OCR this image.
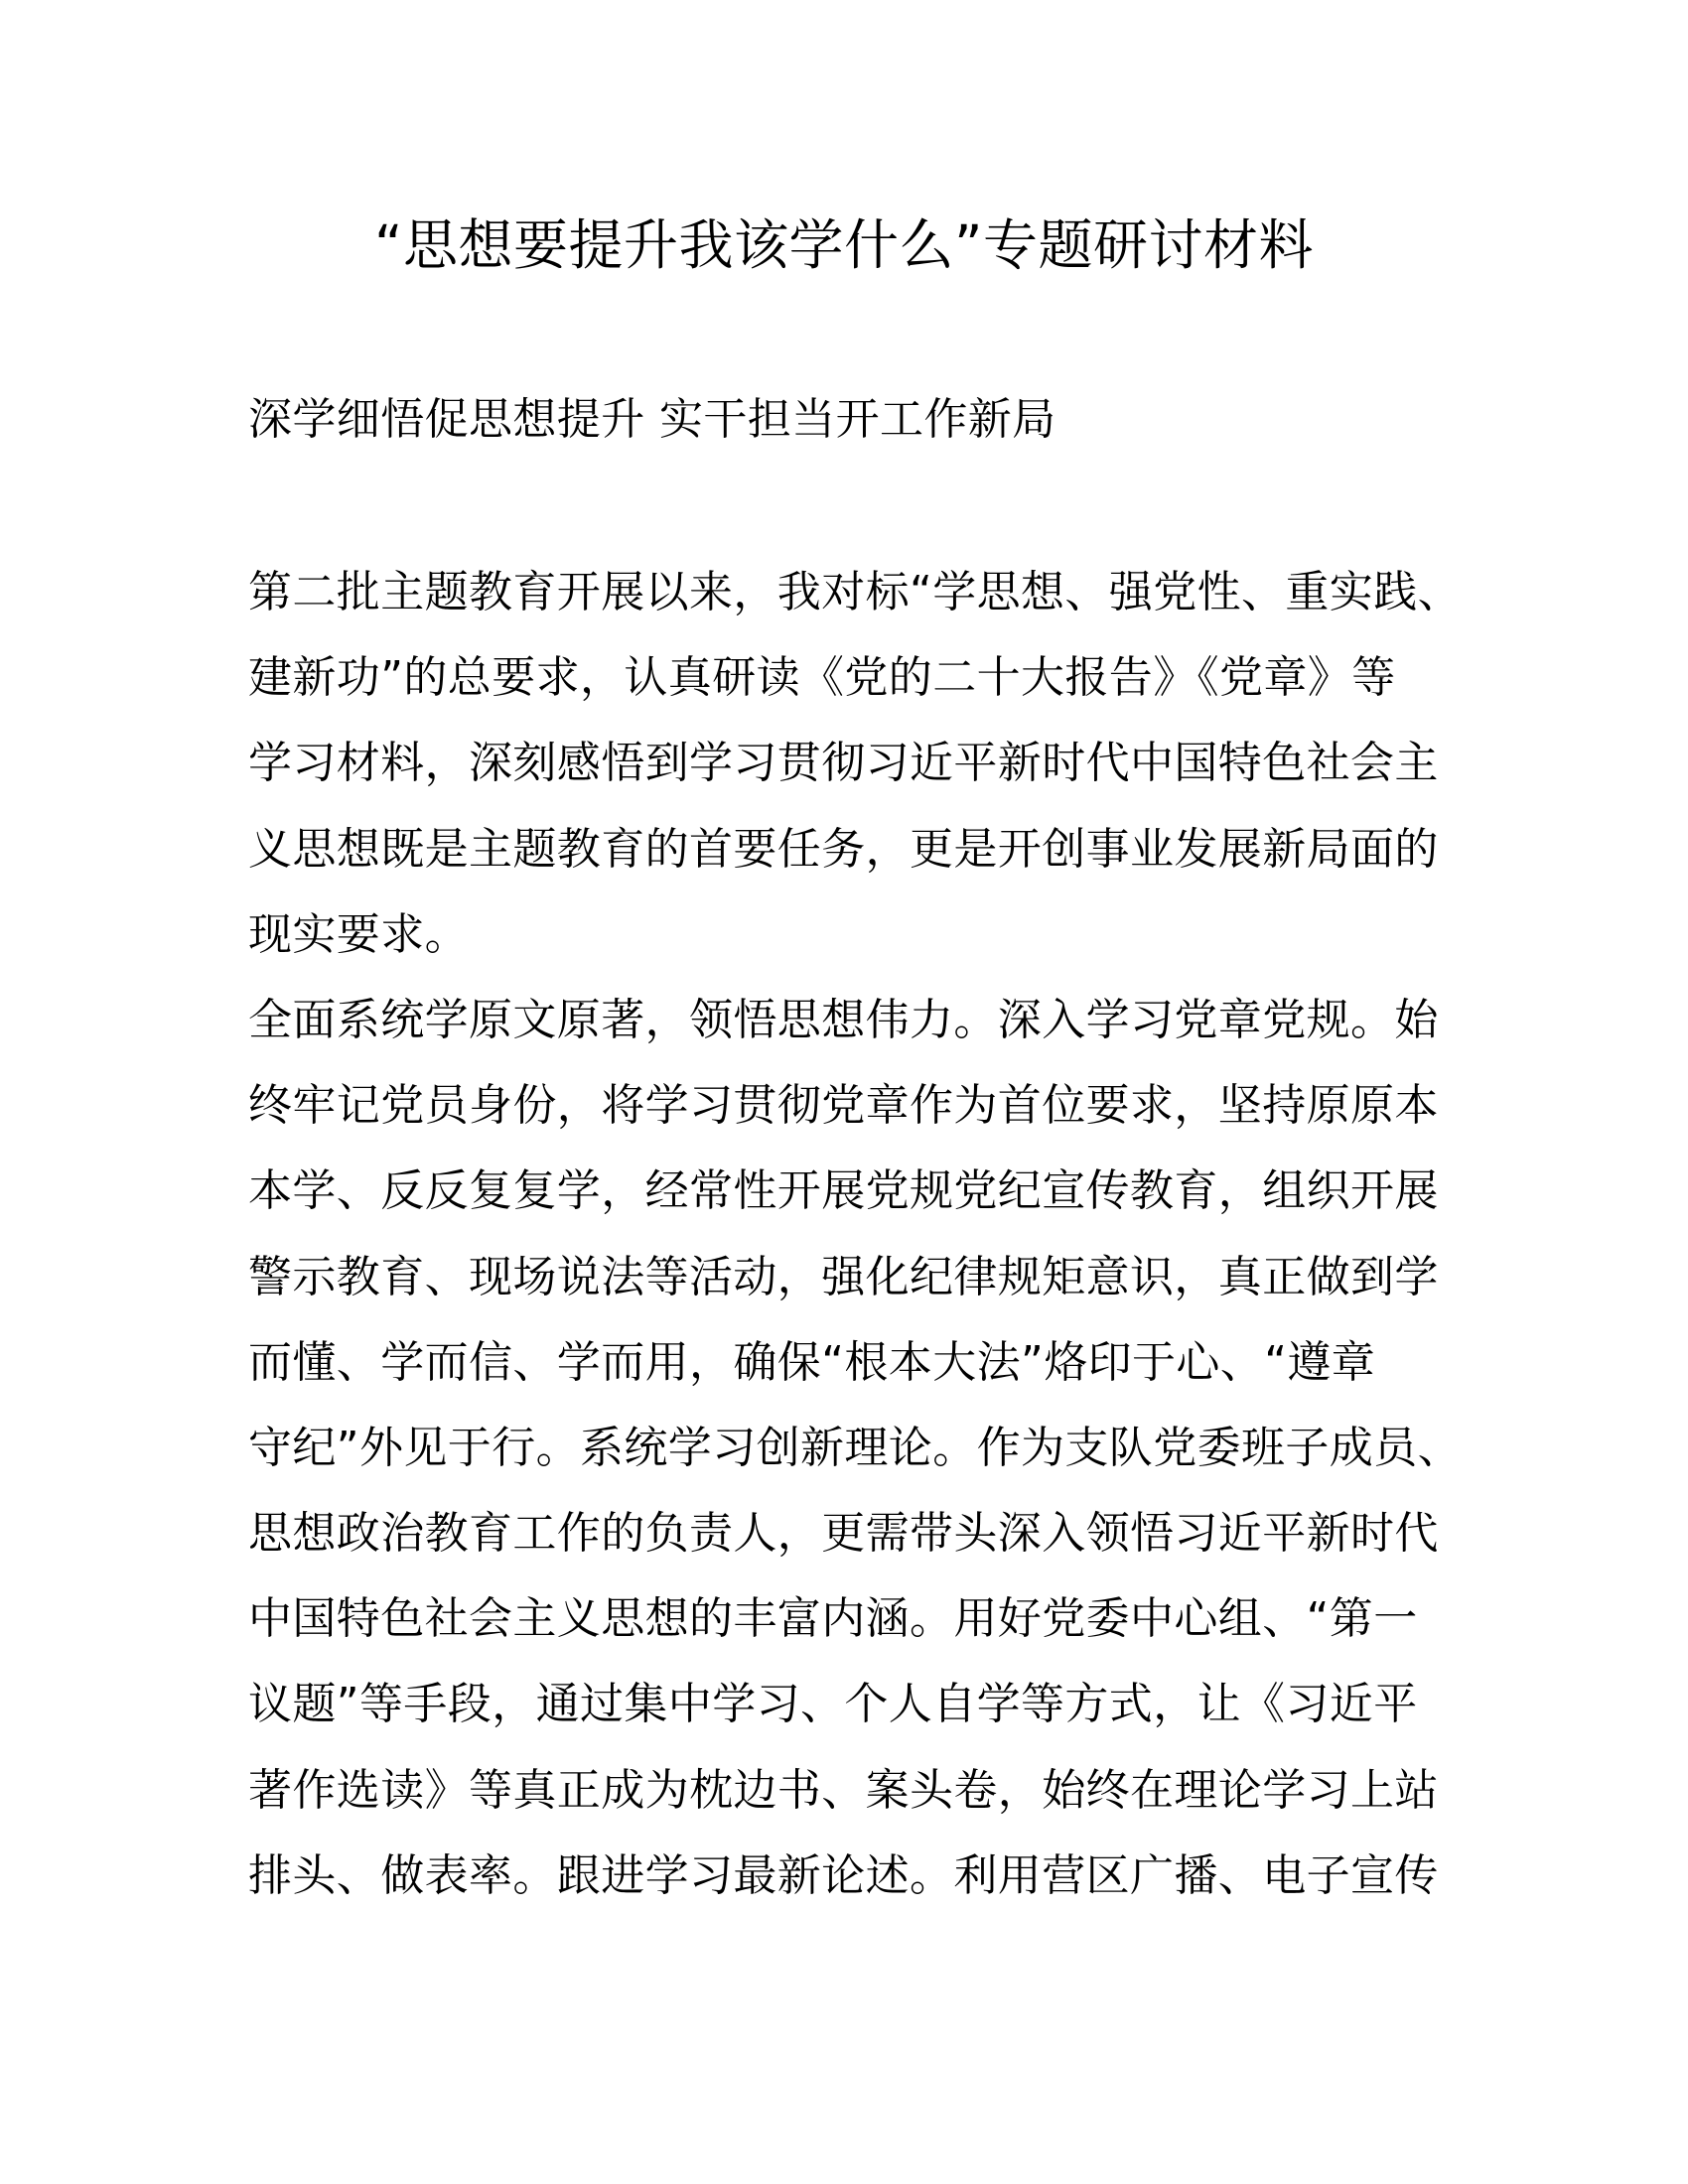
“思想要提升我该学什么”专题研讨材料
深学细悟促思想提升 实干担当开工作新局
第二批主题教育开展以来，我对标“学思想、强党性、重实践、
建新功”的总要求，认真研读《党的二十大报告》《党章》等
学习材料，深刻感悟到学习贯彻习近平新时代中国特色社会主
义思想既是主题教育的首要任务，更是开创事业发展新局面的
现实要求。
全面系统学原文原著，领悟思想伟力。深入学习党章党规。始
终牢记党员身份，将学习贯彻党章作为首位要求，坚持原原本
本学、反反复复学，经常性开展党规党纪宣传教育，组织开展
警示教育、现场说法等活动，强化纪律规矩意识，真正做到学
而懂、学而信、学而用，确保“根本大法”烙印于心、“遵章
守纪”外见于行。系统学习创新理论。作为支队党委班子成员、
思想政治教育工作的负责人，更需带头深入领悟习近平新时代
中国特色社会主义思想的丰富内涵。用好党委中心组、“第一
议题”等手段，通过集中学习、个人自学等方式，让《习近平
著作选读》等真正成为枕边书、案头卷，始终在理论学习上站
排头、做表率。跟进学习最新论述。利用营区广播、电子宣传
